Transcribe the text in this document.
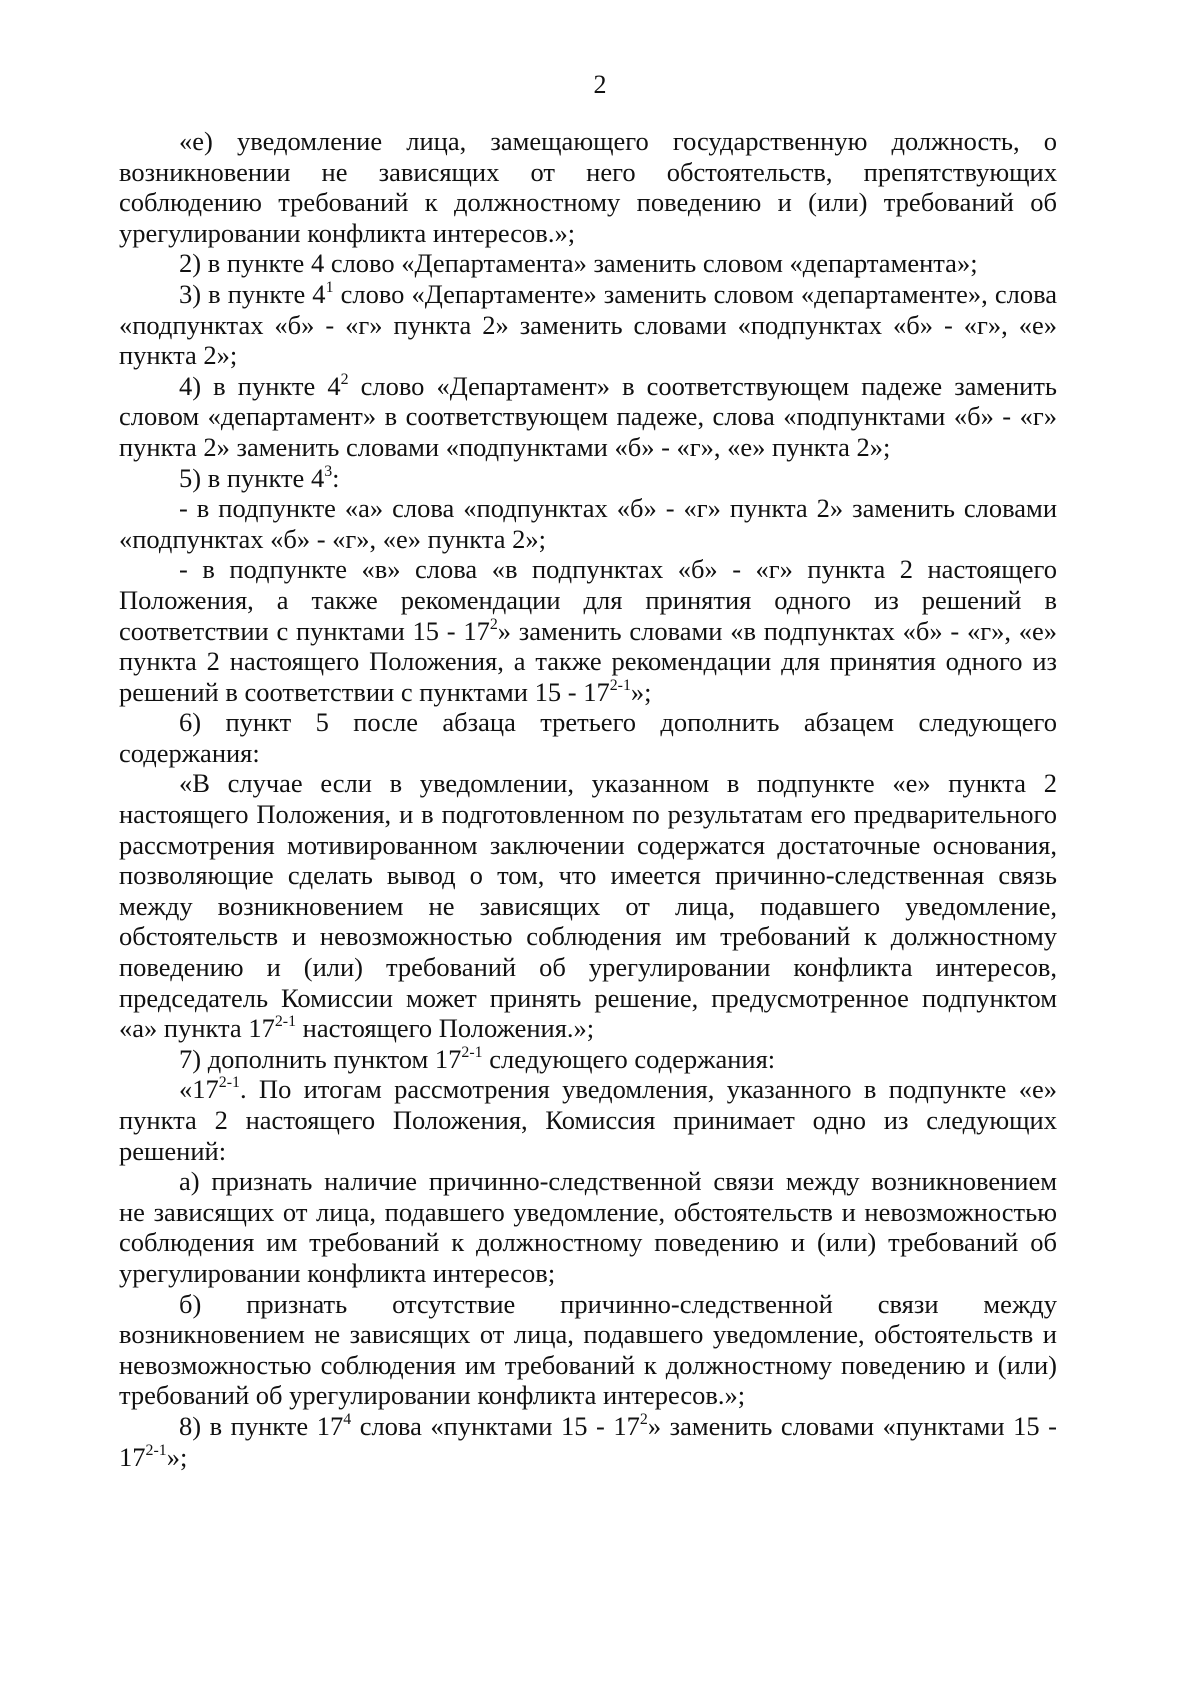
2

«е) уведомление лица, замещающего государственную должность, о возникновении не зависящих от него обстоятельств, препятствующих соблюдению требований к должностному поведению и (или) требований об урегулировании конфликта интересов.»;

2) в пункте 4 слово «Департамента» заменить словом «департамента»;

3) в пункте $4^1$ слово «Департаменте» заменить словом «департаменте», слова «подпунктах «б» - «г» пункта 2» заменить словами «подпунктах «б» - «г», «е» пункта 2»;

4) в пункте $4^2$ слово «Департамент» в соответствующем падеже заменить словом «департамент» в соответствующем падеже, слова «подпунктами «б» - «г» пункта 2» заменить словами «подпунктами «б» - «г», «е» пункта 2»;

5) в пункте $4^3$:

- в подпункте «а» слова «подпунктах «б» - «г» пункта 2» заменить словами «подпунктах «б» - «г», «е» пункта 2»;

- в подпункте «в» слова «в подпунктах «б» - «г» пункта 2 настоящего Положения, а также рекомендации для принятия одного из решений в соответствии с пунктами $15 - 17^2$» заменить словами «в подпунктах «б» - «г», «е» пункта 2 настоящего Положения, а также рекомендации для принятия одного из решений в соответствии с пунктами 15 - 17$^{2-1}$»;

6) пункт 5 после абзаца третьего дополнить абзацем следующего содержания:

«В случае если в уведомлении, указанном в подпункте «е» пункта 2 настоящего Положения, и в подготовленном по результатам его предварительного рассмотрения мотивированном заключении содержатся достаточные основания, позволяющие сделать вывод о том, что имеется причинно-следственная связь между возникновением не зависящих от лица, подавшего уведомление, обстоятельств и невозможностью соблюдения им требований к должностному поведению и (или) требований об урегулировании конфликта интересов, председатель Комиссии может принять решение, предусмотренное подпунктом «а» пункта 17$^{2-1}$ настоящего Положения.»;

7) дополнить пунктом 17$^{2-1}$ следующего содержания:

«17$^{2-1}$. По итогам рассмотрения уведомления, указанного в подпункте «е» пункта 2 настоящего Положения, Комиссия принимает одно из следующих решений:

а) признать наличие причинно-следственной связи между возникновением не зависящих от лица, подавшего уведомление, обстоятельств и невозможностью соблюдения им требований к должностному поведению и (или) требований об урегулировании конфликта интересов;

б) признать отсутствие причинно-следственной связи между возникновением не зависящих от лица, подавшего уведомление, обстоятельств и невозможностью соблюдения им требований к должностному поведению и (или) требований об урегулировании конфликта интересов.»;

8) в пункте $17^4$ слова «пунктами $15 - 17^2$» заменить словами «пунктами 15 - 17$^{2-1}$»;
